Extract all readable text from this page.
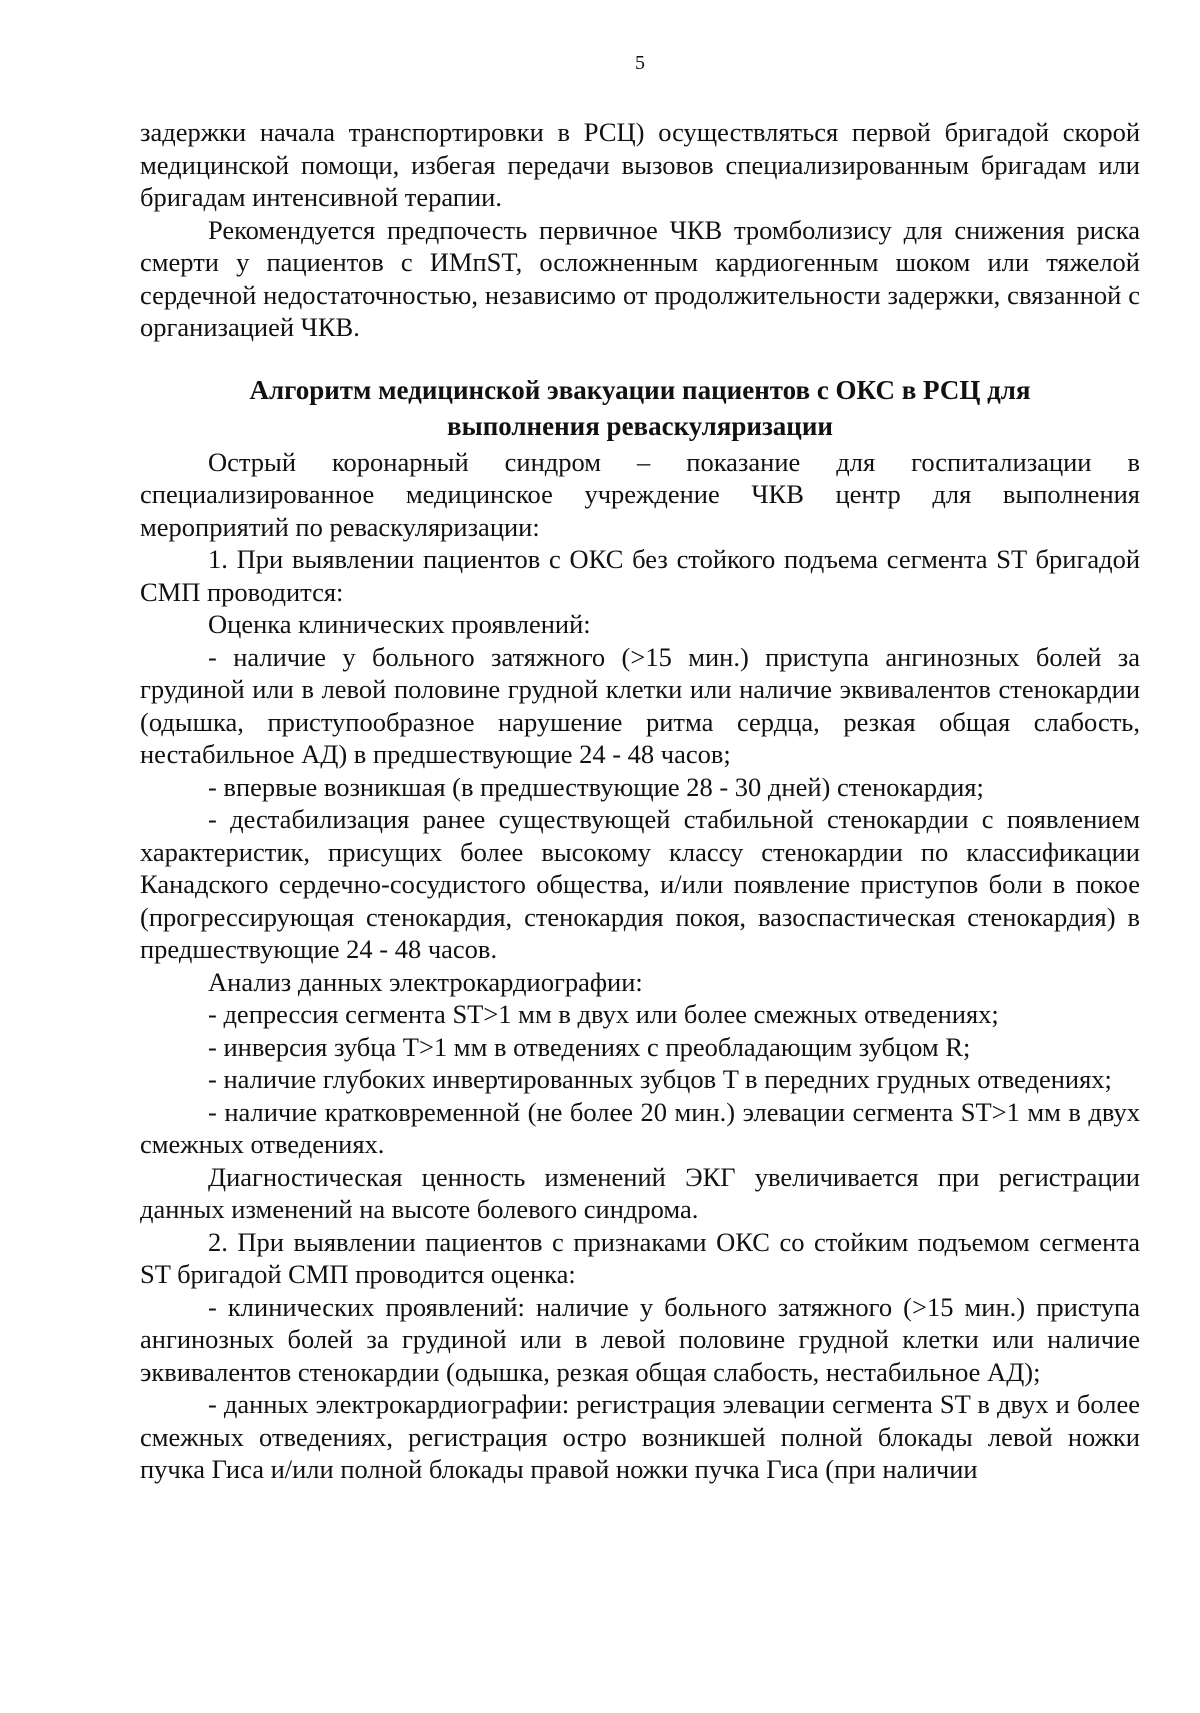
5

задержки начала транспортировки в РСЦ) осуществляться первой бригадой скорой медицинской помощи, избегая передачи вызовов специализированным бригадам или бригадам интенсивной терапии.

Рекомендуется предпочесть первичное ЧКВ тромболизису для снижения риска смерти у пациентов с ИМпST, осложненным кардиогенным шоком или тяжелой сердечной недостаточностью, независимо от продолжительности задержки, связанной с организацией ЧКВ.

Алгоритм медицинской эвакуации пациентов с ОКС в РСЦ для выполнения реваскуляризации

Острый коронарный синдром – показание для госпитализации в специализированное медицинское учреждение ЧКВ центр для выполнения мероприятий по реваскуляризации:

1. При выявлении пациентов с ОКС без стойкого подъема сегмента ST бригадой СМП проводится:

Оценка клинических проявлений:

- наличие у больного затяжного (>15 мин.) приступа ангинозных болей за грудиной или в левой половине грудной клетки или наличие эквивалентов стенокардии (одышка, приступообразное нарушение ритма сердца, резкая общая слабость, нестабильное АД) в предшествующие 24 - 48 часов;

- впервые возникшая (в предшествующие 28 - 30 дней) стенокардия;

- дестабилизация ранее существующей стабильной стенокардии с появлением характеристик, присущих более высокому классу стенокардии по классификации Канадского сердечно-сосудистого общества, и/или появление приступов боли в покое (прогрессирующая стенокардия, стенокардия покоя, вазоспастическая стенокардия) в предшествующие 24 - 48 часов.

Анализ данных электрокардиографии:

- депрессия сегмента ST>1 мм в двух или более смежных отведениях;

- инверсия зубца T>1 мм в отведениях с преобладающим зубцом R;

- наличие глубоких инвертированных зубцов T в передних грудных отведениях;

- наличие кратковременной (не более 20 мин.) элевации сегмента ST>1 мм в двух смежных отведениях.

Диагностическая ценность изменений ЭКГ увеличивается при регистрации данных изменений на высоте болевого синдрома.

2. При выявлении пациентов с признаками ОКС со стойким подъемом сегмента ST бригадой СМП проводится оценка:

- клинических проявлений: наличие у больного затяжного (>15 мин.) приступа ангинозных болей за грудиной или в левой половине грудной клетки или наличие эквивалентов стенокардии (одышка, резкая общая слабость, нестабильное АД);

- данных электрокардиографии: регистрация элевации сегмента ST в двух и более смежных отведениях, регистрация остро возникшей полной блокады левой ножки пучка Гиса и/или полной блокады правой ножки пучка Гиса (при наличии
